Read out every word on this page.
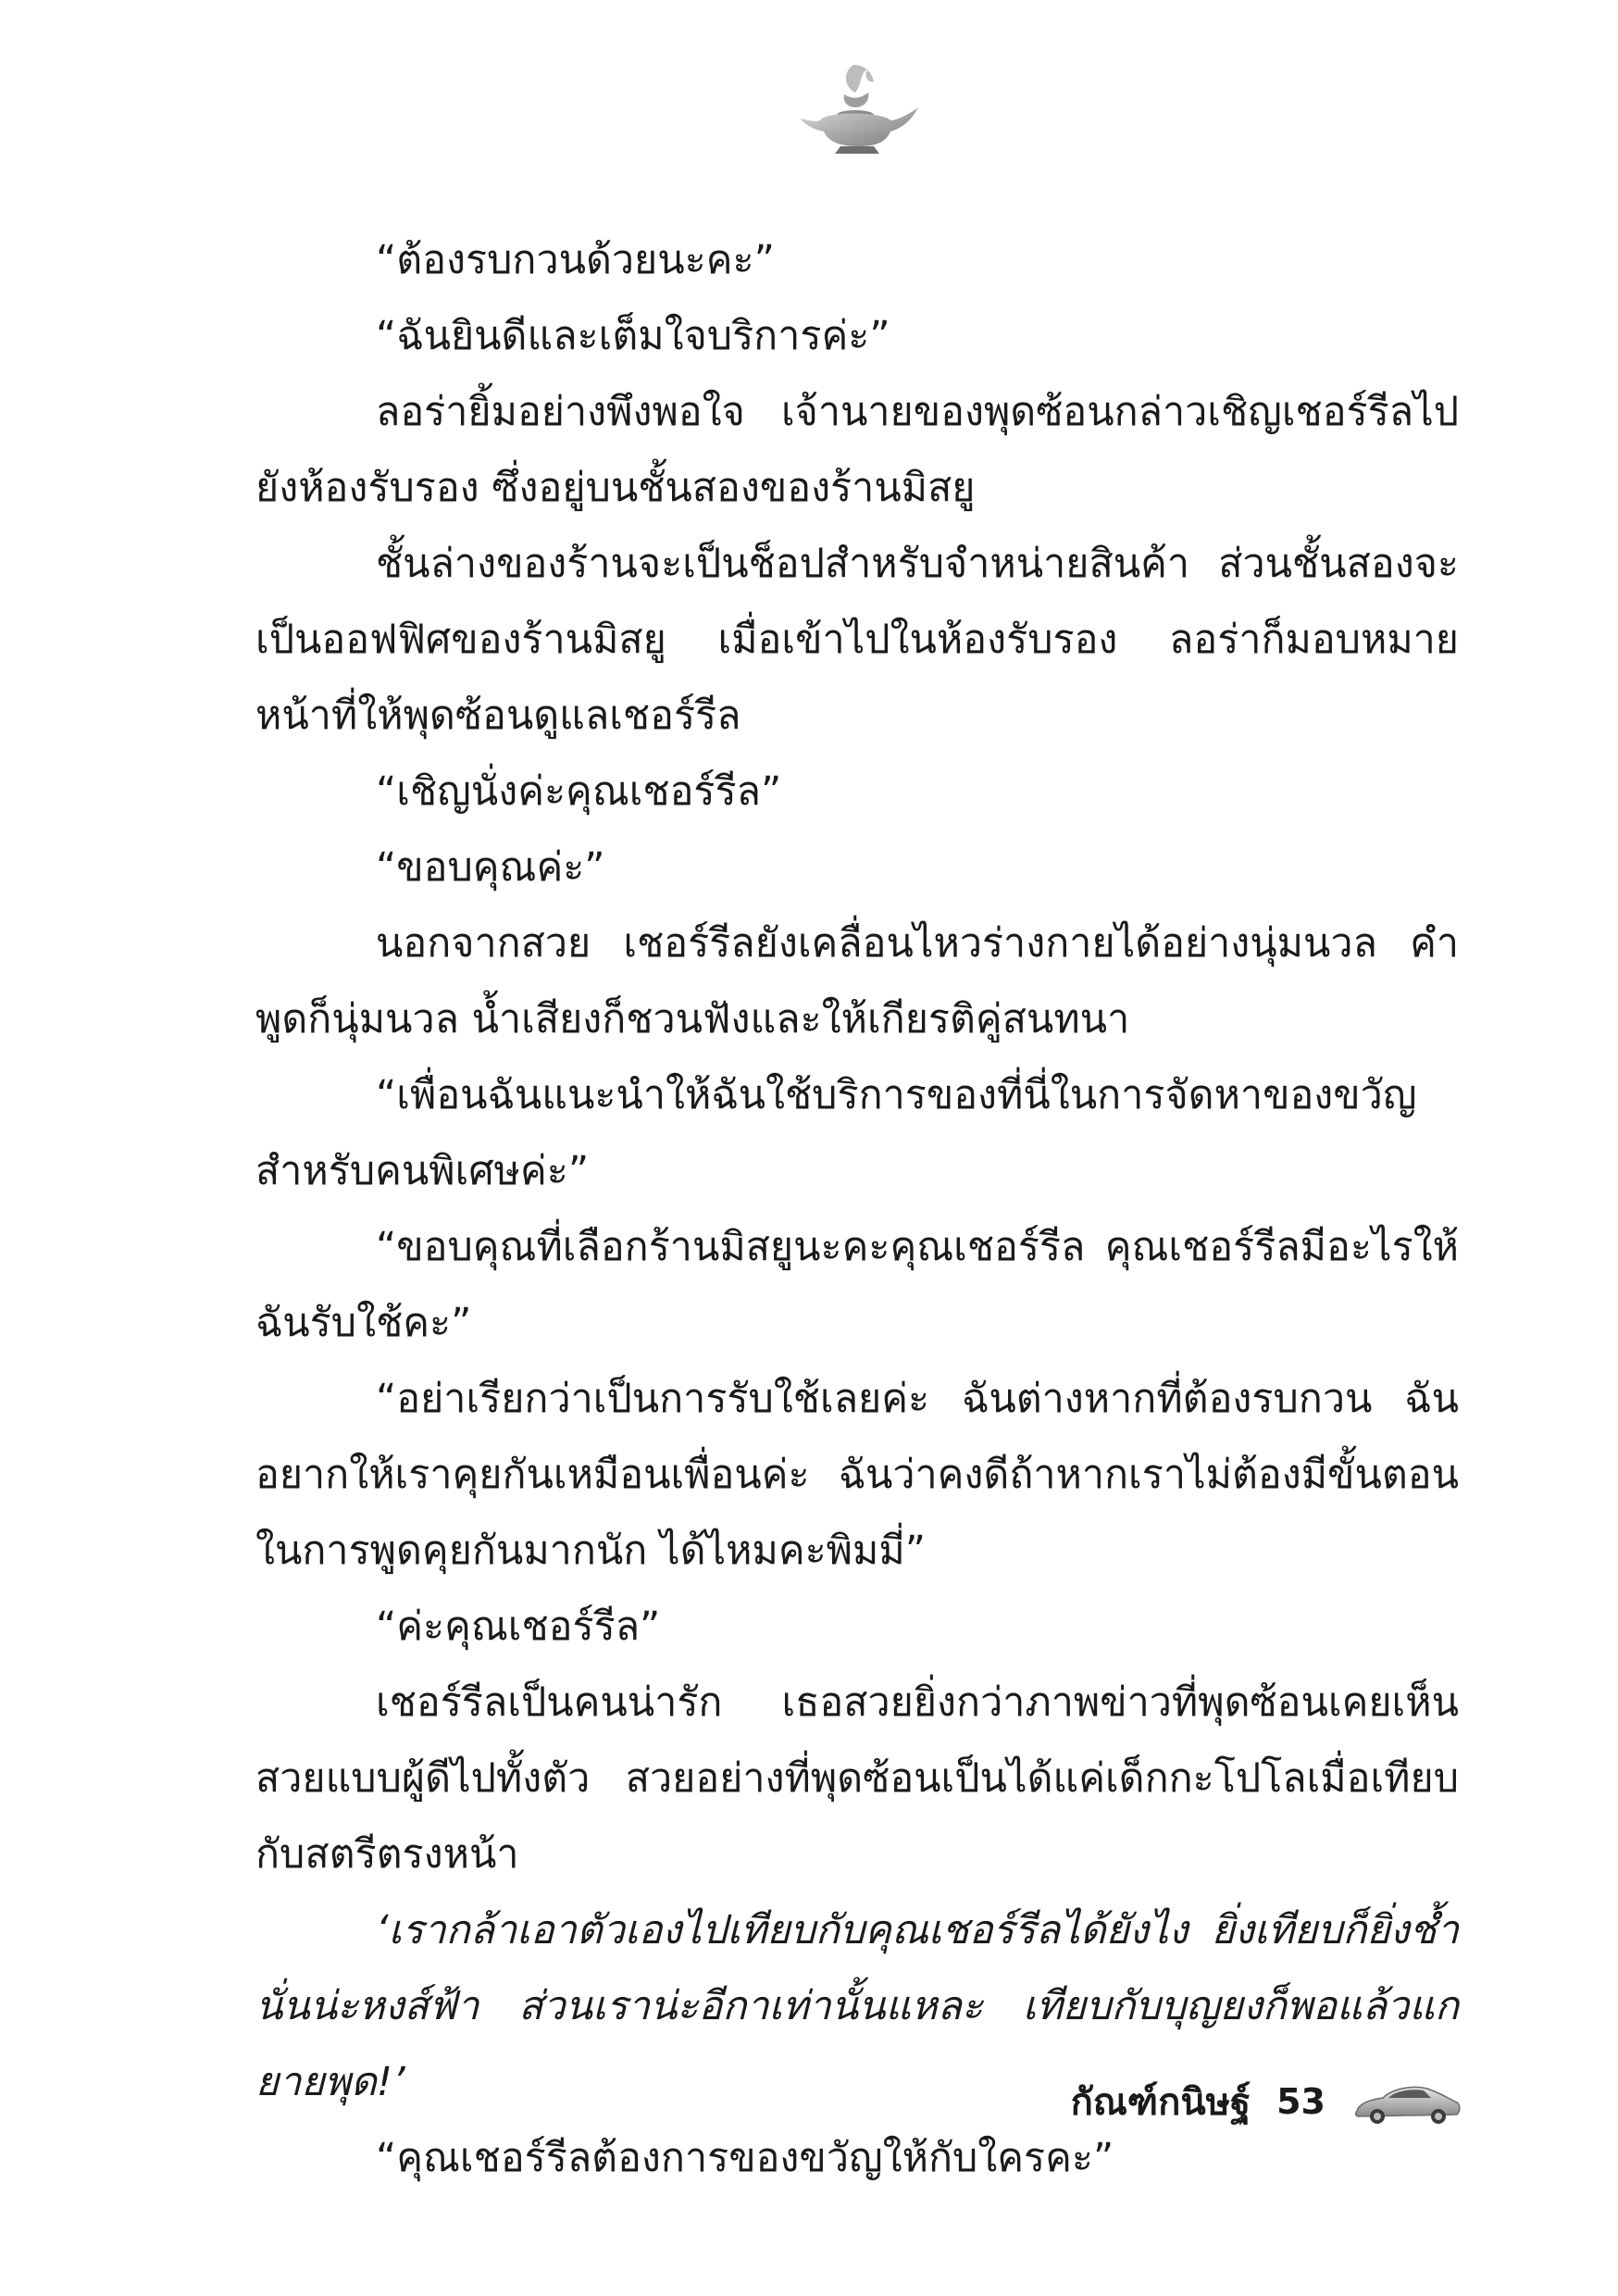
“ต้องรบกวนด้วยนะคะ”

“ฉันยินดีและเต็มใจบริการค่ะ”

ลอร่ายิ้มอย่างพึงพอใจ เจ้านายของพุดซ้อนกล่าวเชิญเชอร์รีลไปยังห้องรับรอง ซึ่งอยู่บนชั้นสองของร้านมิสยู

ชั้นล่างของร้านจะเป็นช็อปสำหรับจำหน่ายสินค้า ส่วนชั้นสองจะเป็นออฟฟิศของร้านมิสยู เมื่อเข้าไปในห้องรับรอง ลอร่าก็มอบหมายหน้าที่ให้พุดซ้อนดูแลเชอร์รีล

“เชิญนั่งค่ะคุณเชอร์รีล”

“ขอบคุณค่ะ”

นอกจากสวย เชอร์รีลยังเคลื่อนไหวร่างกายได้อย่างนุ่มนวล คำพูดก็นุ่มนวล น้ำเสียงก็ชวนฟังและให้เกียรติคู่สนทนา

“เพื่อนฉันแนะนำให้ฉันใช้บริการของที่นี่ในการจัดหาของขวัญสำหรับคนพิเศษค่ะ”

“ขอบคุณที่เลือกร้านมิสยูนะคะคุณเชอร์รีล คุณเชอร์รีลมีอะไรให้ฉันรับใช้คะ”

“อย่าเรียกว่าเป็นการรับใช้เลยค่ะ ฉันต่างหากที่ต้องรบกวน ฉันอยากให้เราคุยกันเหมือนเพื่อนค่ะ ฉันว่าคงดีถ้าหากเราไม่ต้องมีขั้นตอนในการพูดคุยกันมากนัก ได้ไหมคะพิมมี่”

“ค่ะคุณเชอร์รีล”

เชอร์รีลเป็นคนน่ารัก เธอสวยยิ่งกว่าภาพข่าวที่พุดซ้อนเคยเห็นสวยแบบผู้ดีไปทั้งตัว สวยอย่างที่พุดซ้อนเป็นได้แค่เด็กกะโปโลเมื่อเทียบกับสตรีตรงหน้า

‘เรากล้าเอาตัวเองไปเทียบกับคุณเชอร์รีลได้ยังไง ยิ่งเทียบก็ยิ่งช้ำนั่นน่ะหงส์ฟ้า ส่วนเราน่ะอีกาเท่านั้นแหละ เทียบกับบุญยงก็พอแล้วแก ยายพุด!’

“คุณเชอร์รีลต้องการของขวัญให้กับใครคะ”

กัณฑ์กนิษฐ์ 53
